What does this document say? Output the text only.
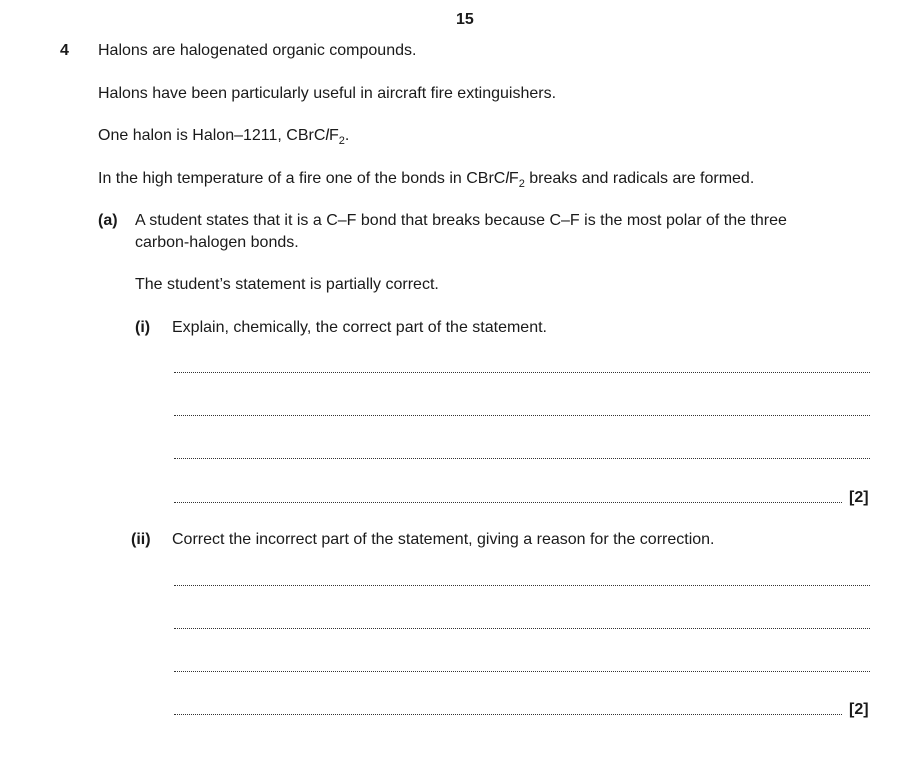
15
4 Halons are halogenated organic compounds.
Halons have been particularly useful in aircraft fire extinguishers.
One halon is Halon–1211, CBrClF$_2$.
In the high temperature of a fire one of the bonds in CBrClF$_2$ breaks and radicals are formed.
(a) A student states that it is a C–F bond that breaks because C–F is the most polar of the three
carbon-halogen bonds.
The student’s statement is partially correct.
(i) Explain, chemically, the correct part of the statement.
[2]
(ii) Correct the incorrect part of the statement, giving a reason for the correction.
[2]
